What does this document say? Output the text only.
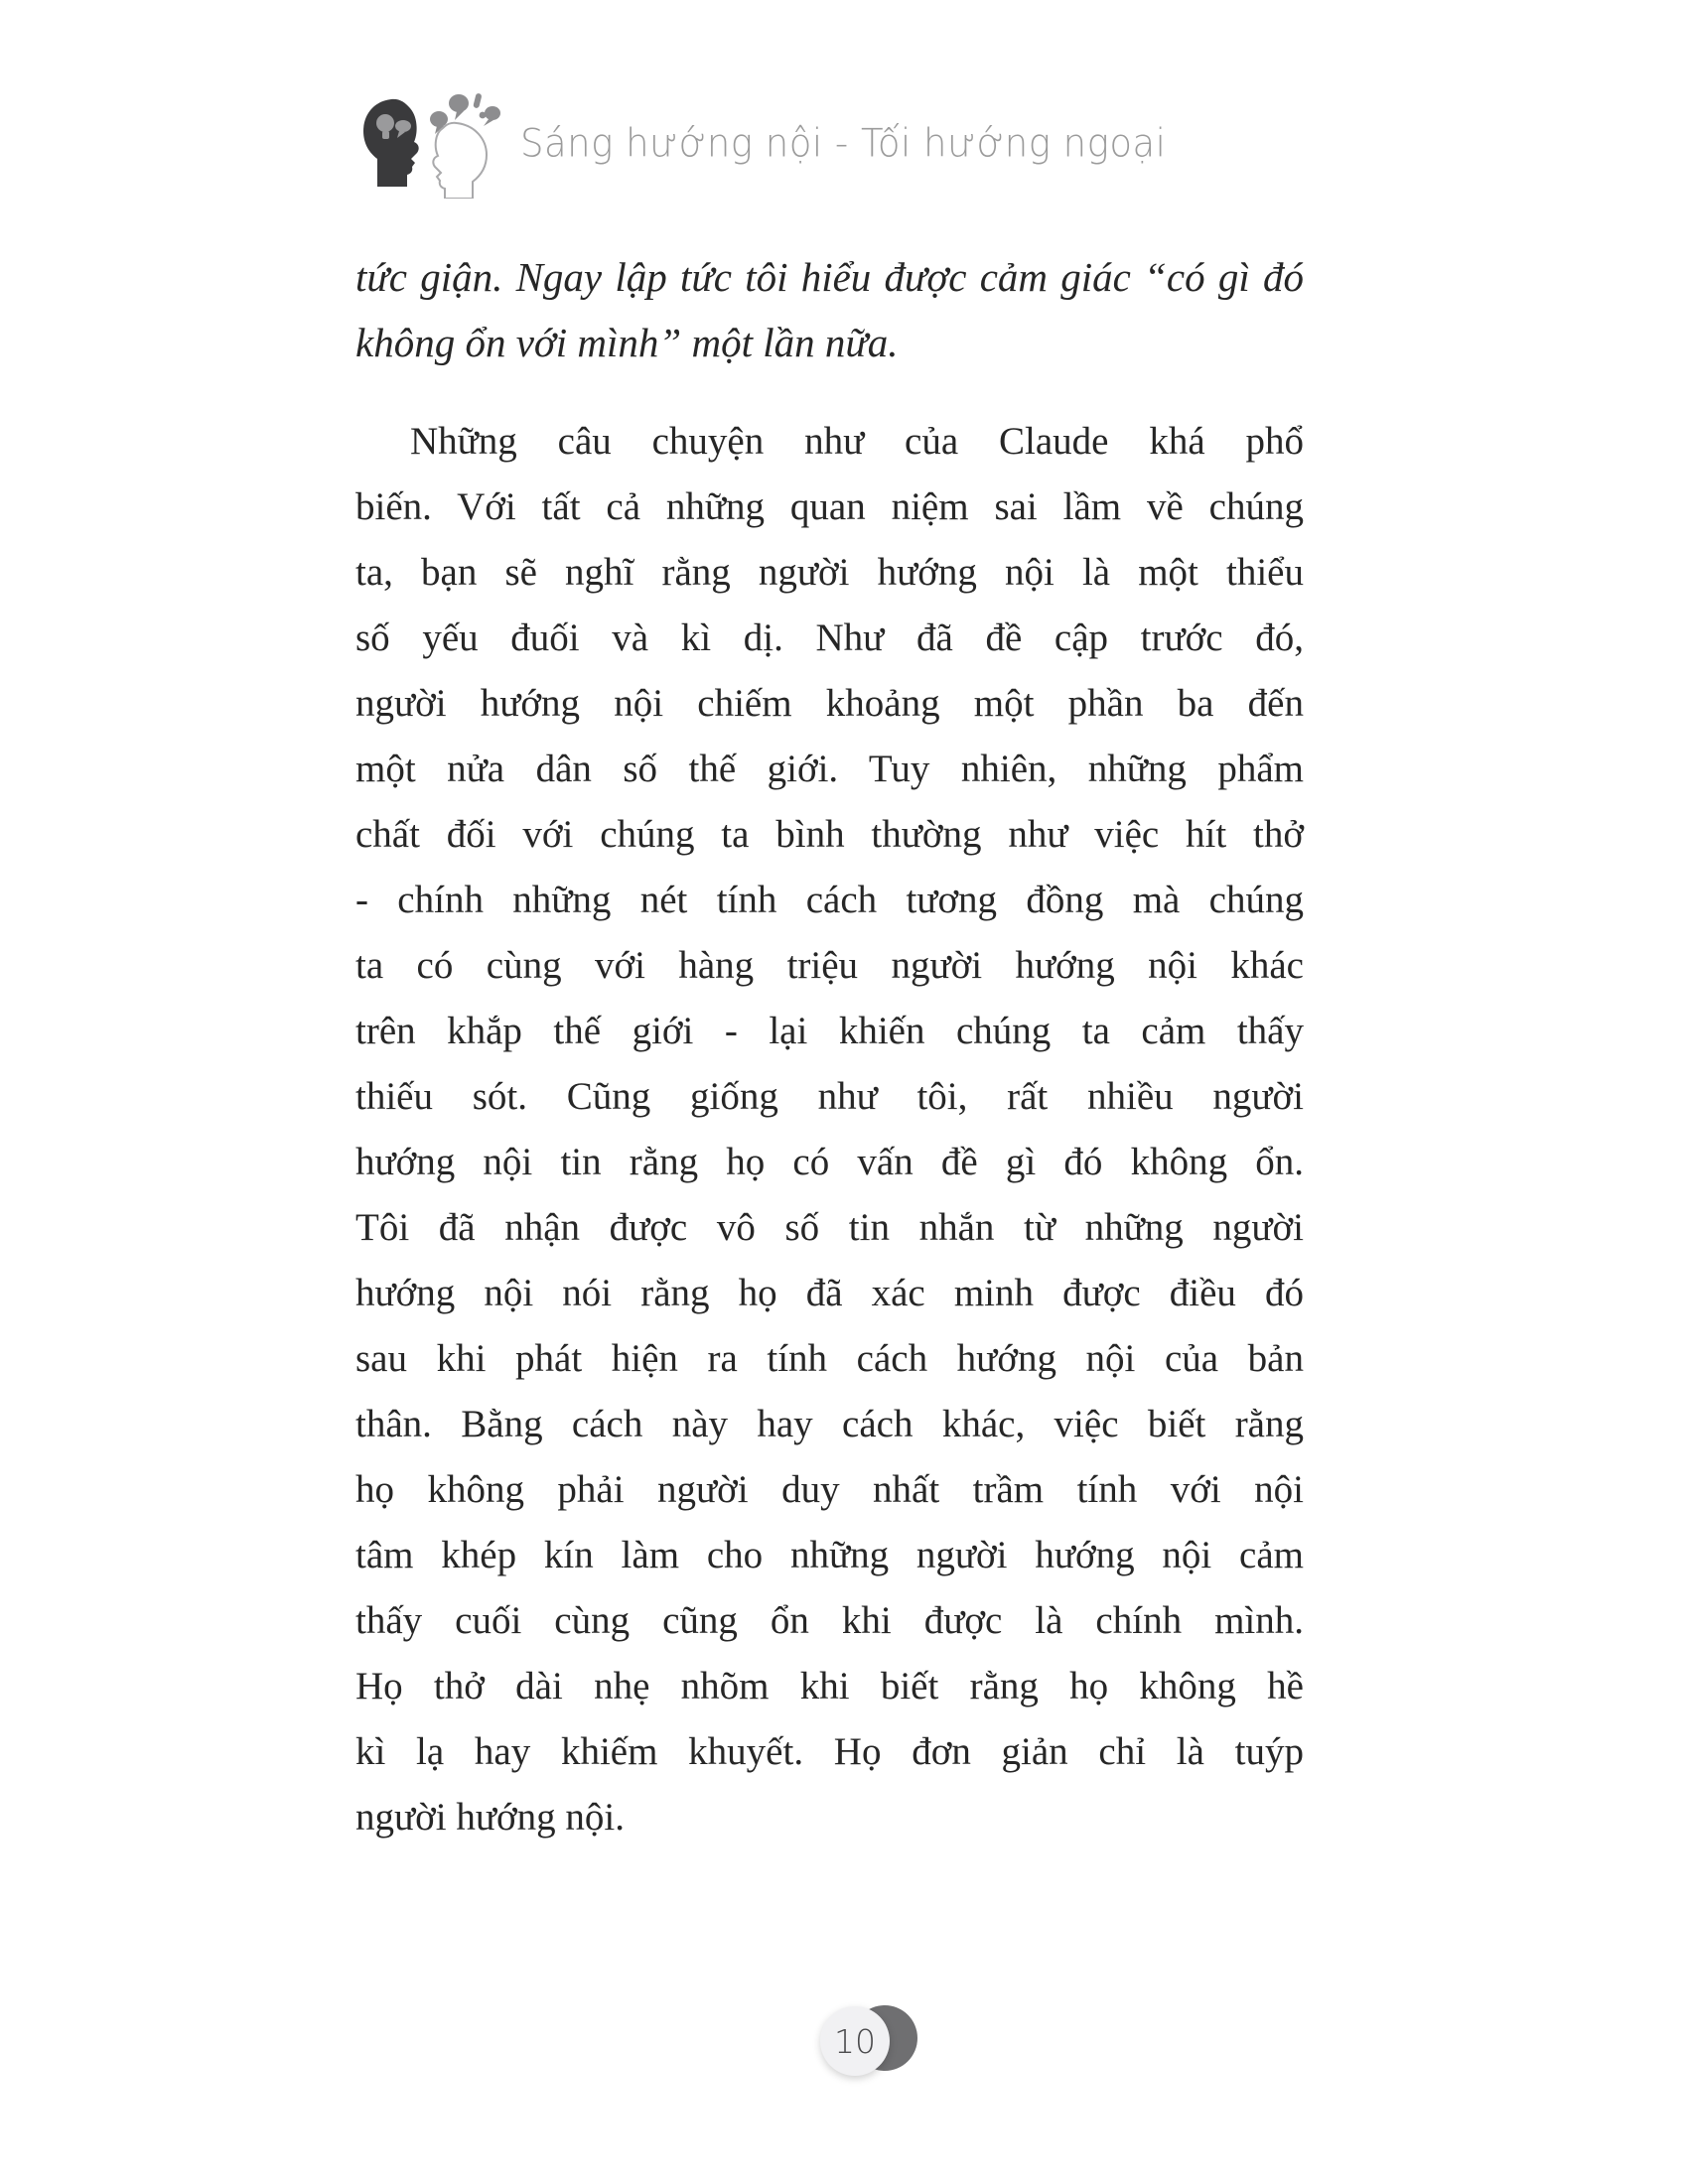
Sáng hướng nội - Tối hướng ngoại
tức giận. Ngay lập tức tôi hiểu được cảm giác “có gì đó
không ổn với mình” một lần nữa.
Những câu chuyện như của Claude khá phổ
biến. Với tất cả những quan niệm sai lầm về chúng
ta, bạn sẽ nghĩ rằng người hướng nội là một thiểu
số yếu đuối và kì dị. Như đã đề cập trước đó,
người hướng nội chiếm khoảng một phần ba đến
một nửa dân số thế giới. Tuy nhiên, những phẩm
chất đối với chúng ta bình thường như việc hít thở
- chính những nét tính cách tương đồng mà chúng
ta có cùng với hàng triệu người hướng nội khác
trên khắp thế giới - lại khiến chúng ta cảm thấy
thiếu sót. Cũng giống như tôi, rất nhiều người
hướng nội tin rằng họ có vấn đề gì đó không ổn.
Tôi đã nhận được vô số tin nhắn từ những người
hướng nội nói rằng họ đã xác minh được điều đó
sau khi phát hiện ra tính cách hướng nội của bản
thân. Bằng cách này hay cách khác, việc biết rằng
họ không phải người duy nhất trầm tính với nội
tâm khép kín làm cho những người hướng nội cảm
thấy cuối cùng cũng ổn khi được là chính mình.
Họ thở dài nhẹ nhõm khi biết rằng họ không hề
kì lạ hay khiếm khuyết. Họ đơn giản chỉ là tuýp
người hướng nội.
10
